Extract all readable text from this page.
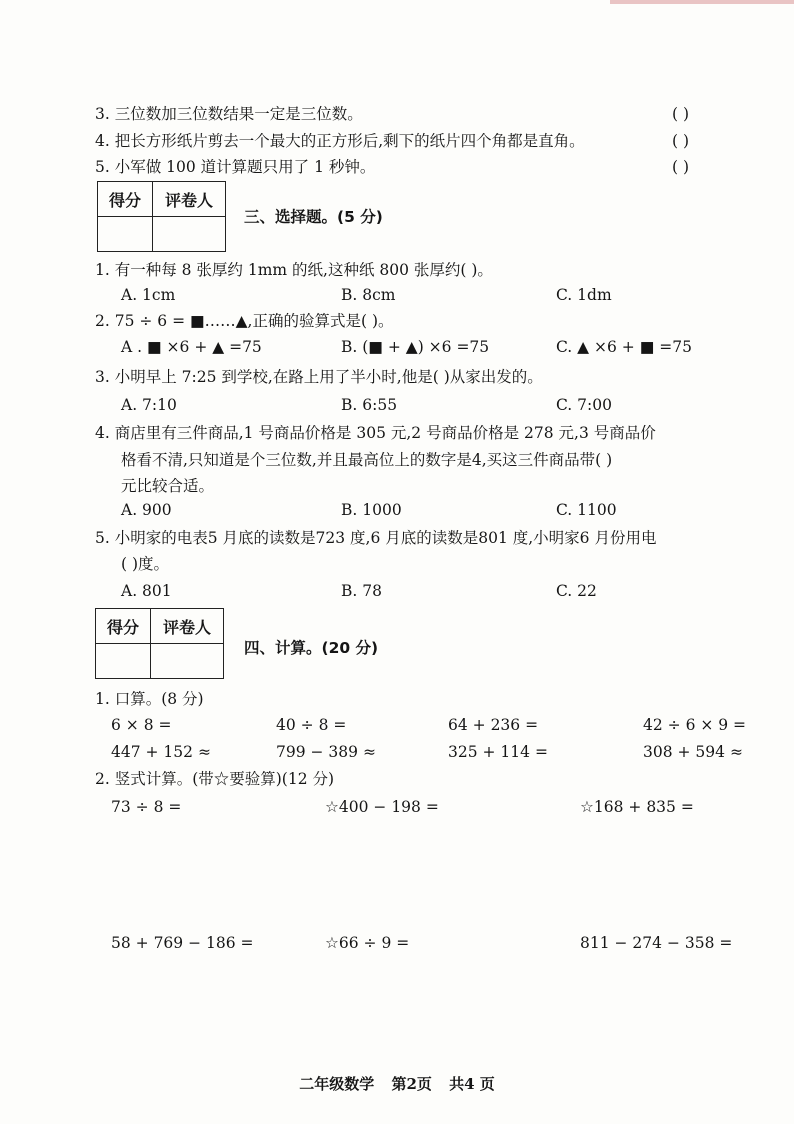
3. 三位数加三位数结果一定是三位数。	( )
4. 把长方形纸片剪去一个最大的正方形后,剩下的纸片四个角都是直角。	( )
5. 小军做 100 道计算题只用了 1 秒钟。	( )
得分	评卷人

三、选择题。(5 分)
1. 有一种每 8 张厚约 1mm 的纸,这种纸 800 张厚约( )。
A. 1cm	B. 8cm	C. 1dm
2. 75 ÷ 6 = ■……▲,正确的验算式是( )。
A . ■ ×6 + ▲ =75	B. (■ + ▲) ×6 =75	C. ▲ ×6 + ■ =75
3. 小明早上 7:25 到学校,在路上用了半小时,他是( )从家出发的。
A. 7:10	B. 6:55	C. 7:00
4. 商店里有三件商品,1 号商品价格是 305 元,2 号商品价格是 278 元,3 号商品价
格看不清,只知道是个三位数,并且最高位上的数字是4,买这三件商品带( )
元比较合适。
A. 900	B. 1000	C. 1100
5. 小明家的电表5 月底的读数是723 度,6 月底的读数是801 度,小明家6 月份用电
( )度。
A. 801	B. 78	C. 22
得分	评卷人

四、计算。(20 分)
1. 口算。(8 分)
6 × 8 =	40 ÷ 8 =	64 + 236 =	42 ÷ 6 × 9 =
447 + 152 ≈	799 − 389 ≈	325 + 114 =	308 + 594 ≈
2. 竖式计算。(带☆要验算)(12 分)
73 ÷ 8 =	☆400 − 198 =	☆168 + 835 =
58 + 769 − 186 =	☆66 ÷ 9 =	811 − 274 − 358 =
二年级数学 第2页 共4 页
